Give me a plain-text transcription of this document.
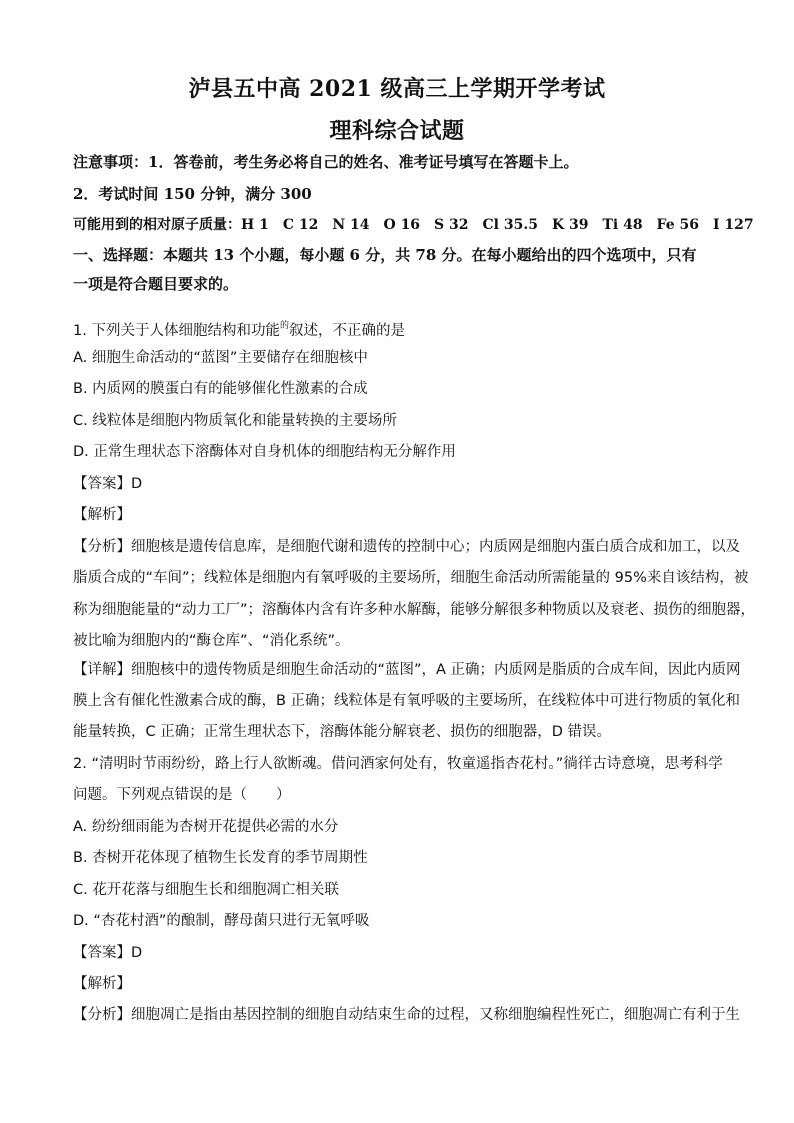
泸县五中高 2021 级高三上学期开学考试
理科综合试题
注意事项：1．答卷前，考生务必将自己的姓名、准考证号填写在答题卡上。
2．考试时间 150 分钟，满分 300
可能用到的相对原子质量：H 1　C 12　N 14　O 16　S 32　Cl 35.5　K 39　Ti 48　Fe 56　I 127
一、选择题：本题共 13 个小题，每小题 6 分，共 78 分。在每小题给出的四个选项中，只有
一项是符合题目要求的。
1. 下列关于人体细胞结构和功能$^的$叙述，不正确的是
A. 细胞生命活动的“蓝图”主要储存在细胞核中
B. 内质网的膜蛋白有的能够催化性激素的合成
C. 线粒体是细胞内物质氧化和能量转换的主要场所
D. 正常生理状态下溶酶体对自身机体的细胞结构无分解作用
【答案】D
【解析】
【分析】细胞核是遗传信息库，是细胞代谢和遗传的控制中心；内质网是细胞内蛋白质合成和加工，以及
脂质合成的“车间”；线粒体是细胞内有氧呼吸的主要场所，细胞生命活动所需能量的 95%来自该结构，被
称为细胞能量的“动力工厂”；溶酶体内含有许多种水解酶，能够分解很多种物质以及衰老、损伤的细胞器，
被比喻为细胞内的“酶仓库”、“消化系统”。
【详解】细胞核中的遗传物质是细胞生命活动的“蓝图”，A 正确；内质网是脂质的合成车间，因此内质网
膜上含有催化性激素合成的酶，B 正确；线粒体是有氧呼吸的主要场所，在线粒体中可进行物质的氧化和
能量转换，C 正确；正常生理状态下，溶酶体能分解衰老、损伤的细胞器，D 错误。
2. “清明时节雨纷纷，路上行人欲断魂。借问酒家何处有，牧童遥指杏花村。”徜徉古诗意境，思考科学
问题。下列观点错误的是（　　）
A. 纷纷细雨能为杏树开花提供必需的水分
B. 杏树开花体现了植物生长发育的季节周期性
C. 花开花落与细胞生长和细胞凋亡相关联
D. “杏花村酒”的酿制，酵母菌只进行无氧呼吸
【答案】D
【解析】
【分析】细胞凋亡是指由基因控制的细胞自动结束生命的过程，又称细胞编程性死亡，细胞凋亡有利于生
